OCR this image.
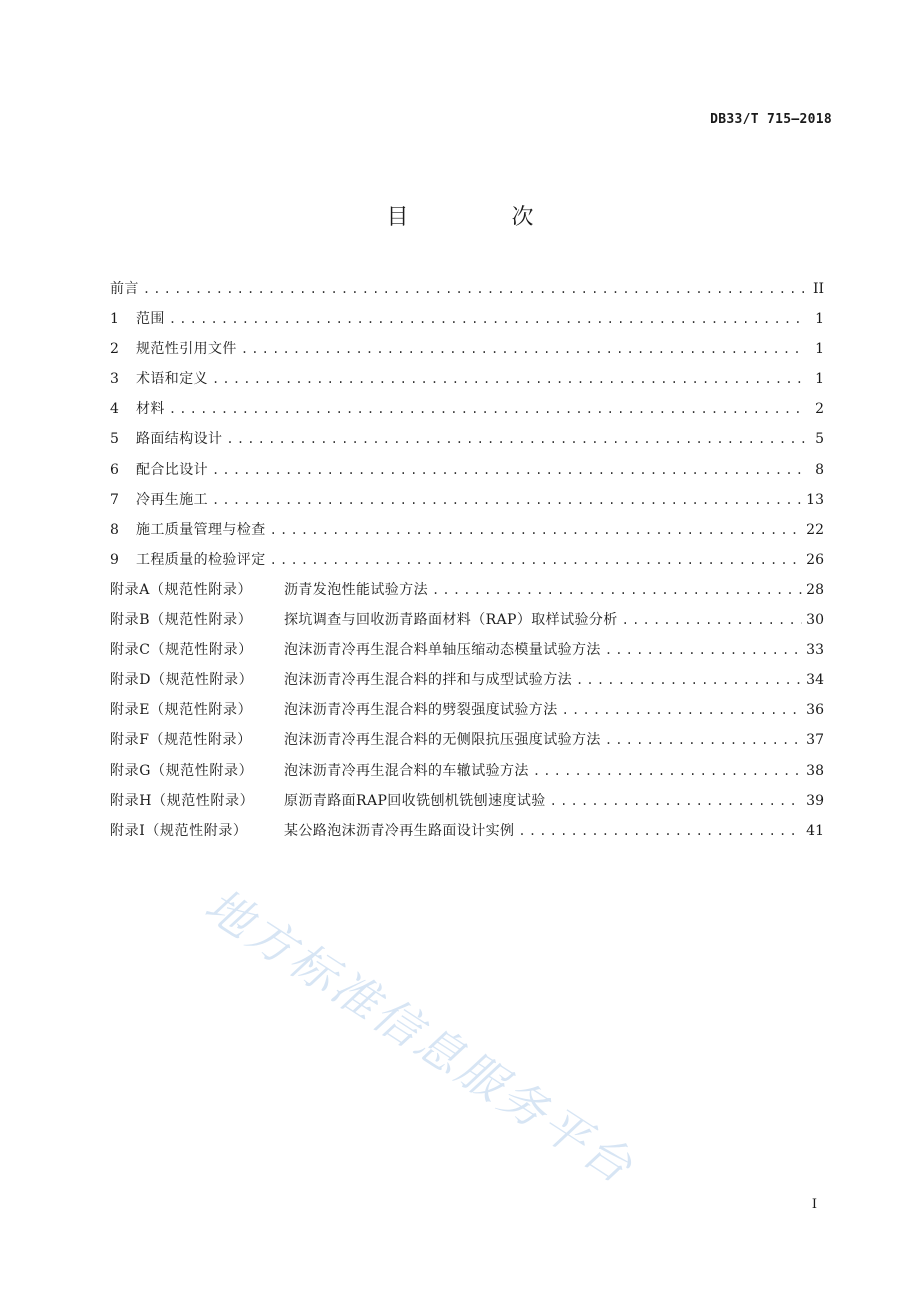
DB33/T 715—2018
目 次
前言 .....	II
1	范围 .....	1
2	规范性引用文件 .....	1
3	术语和定义 .....	1
4	材料 .....	2
5	路面结构设计 .....	5
6	配合比设计 .....	8
7	冷再生施工 .....	13
8	施工质量管理与检查 .....	22
9	工程质量的检验评定 .....	26
附录A（规范性附录）	沥青发泡性能试验方法 .....	28
附录B（规范性附录）	探坑调查与回收沥青路面材料（RAP）取样试验分析 .....	30
附录C（规范性附录）	泡沫沥青冷再生混合料单轴压缩动态模量试验方法 .....	33
附录D（规范性附录）	泡沫沥青冷再生混合料的拌和与成型试验方法 .....	34
附录E（规范性附录）	泡沫沥青冷再生混合料的劈裂强度试验方法 .....	36
附录F（规范性附录）	泡沫沥青冷再生混合料的无侧限抗压强度试验方法 .....	37
附录G（规范性附录）	泡沫沥青冷再生混合料的车辙试验方法 .....	38
附录H（规范性附录）	原沥青路面RAP回收铣刨机铣刨速度试验 .....	39
附录I（规范性附录）	某公路泡沫沥青冷再生路面设计实例 .....	41
地方标准信息服务平台
I
